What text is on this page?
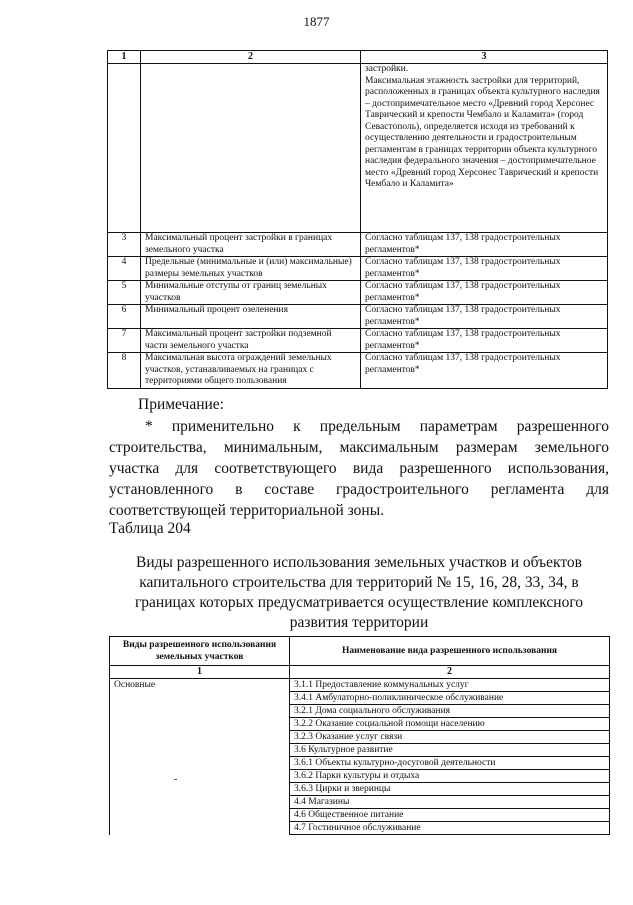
1877
1	2	3
		застройки.
Максимальная этажность застройки для территорий, расположенных в границах объекта культурного наследия – достопримечательное место «Древний город Херсонес Таврический и крепости Чембало и Каламита» (город Севастополь), определяется исходя из требований к осуществлению деятельности и градостроительным регламентам в границах территории объекта культурного наследия федерального значения – достопримечательное место «Древний город Херсонес Таврический и крепости Чембало и Каламита»
3	Максимальный процент застройки в границах земельного участка	Согласно таблицам 137, 138 градостроительных регламентов*
4	Предельные (минимальные и (или) максимальные) размеры земельных участков	Согласно таблицам 137, 138 градостроительных регламентов*
5	Минимальные отступы от границ земельных участков	Согласно таблицам 137, 138 градостроительных регламентов*
6	Минимальный процент озеленения	Согласно таблицам 137, 138 градостроительных регламентов*
7	Максимальный процент застройки подземной части земельного участка	Согласно таблицам 137, 138 градостроительных регламентов*
8	Максимальная высота ограждений земельных участков, устанавливаемых на границах с территориями общего пользования	Согласно таблицам 137, 138 градостроительных регламентов*
Примечание:

* применительно к предельным параметрам разрешенного строительства, минимальным, максимальным размерам земельного участка для соответствующего вида разрешенного использования, установленного в составе градостроительного регламента для соответствующей территориальной зоны.

Таблица 204

Виды разрешенного использования земельных участков и объектов капитального строительства для территорий № 15, 16, 28, 33, 34, в границах которых предусматривается осуществление комплексного развития территории

Виды разрешенного использования земельных участков	Наименование вида разрешенного использования
1	2
Основные	3.1.1 Предоставление коммунальных услуг
	3.4.1 Амбулаторно-поликлиническое обслуживание
	3.2.1 Дома социального обслуживания
	3.2.2 Оказание социальной помощи населению
	3.2.3 Оказание услуг связи
	3.6 Культурное развитие
	3.6.1 Объекты культурно-досуговой деятельности
	3.6.2 Парки культуры и отдыха
	3.6.3 Цирки и зверинцы
	4.4 Магазины
	4.6 Общественное питание
	4.7 Гостиничное обслуживание
-
